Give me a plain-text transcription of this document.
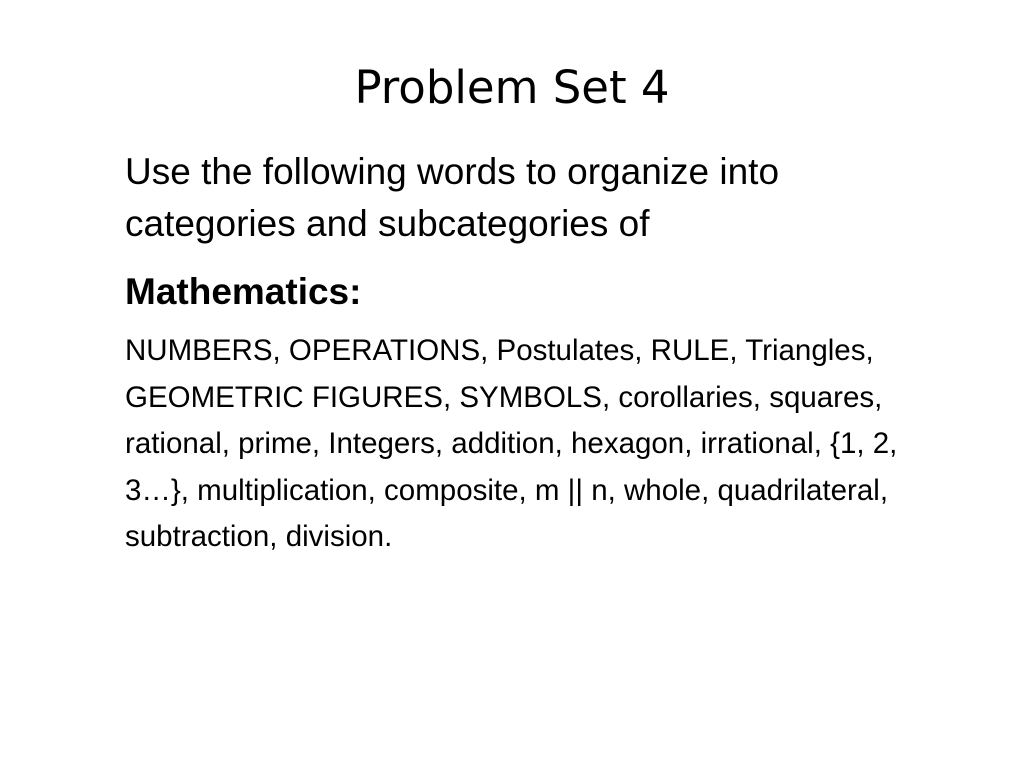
Problem Set 4

Use the following words to organize into categories and subcategories of

Mathematics:

NUMBERS, OPERATIONS, Postulates, RULE, Triangles, GEOMETRIC FIGURES, SYMBOLS, corollaries, squares, rational, prime, Integers, addition, hexagon, irrational, {1, 2, 3…}, multiplication, composite, m || n, whole, quadrilateral, subtraction, division.
